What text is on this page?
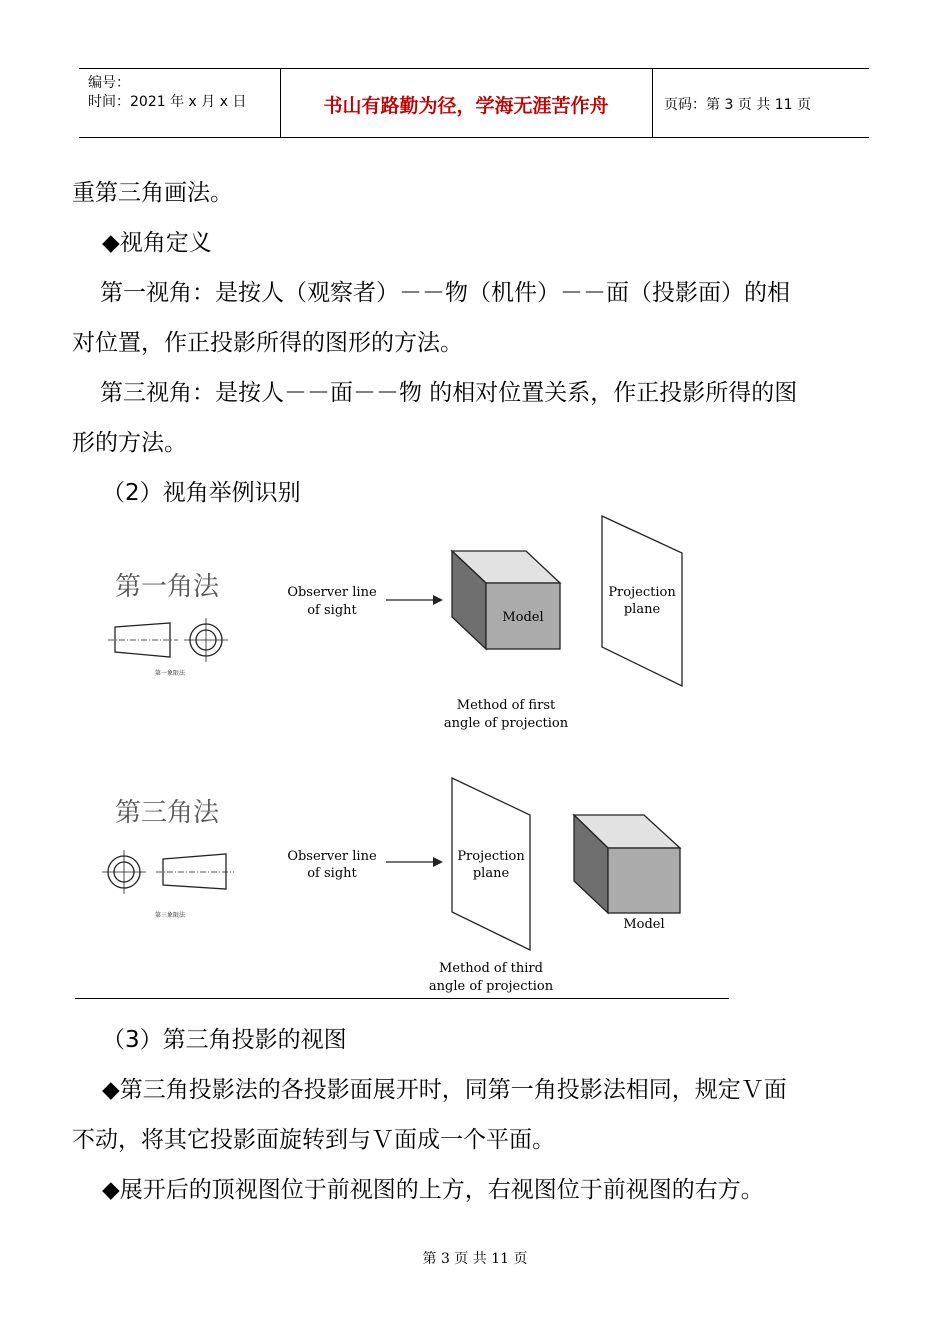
编号：
时间：2021 年 x 月 x 日	书山有路勤为径，学海无涯苦作舟	页码：第 3 页 共 11 页
重第三角画法。
◆视角定义
第一视角：是按人（观察者）－－物（机件）－－面（投影面）的相
对位置，作正投影所得的图形的方法。
第三视角：是按人－－面－－物 的相对位置关系，作正投影所得的图
形的方法。
（2）视角举例识别
第一角法
第一象限法
Observer line
of sight	Model
Projection
plane
Method of first
angle of projection
第三角法
第三象限法
Observer line
of sight
Projection
plane
Model
Method of third
angle of projection
（3）第三角投影的视图
◆第三角投影法的各投影面展开时，同第一角投影法相同，规定Ｖ面
不动，将其它投影面旋转到与Ｖ面成一个平面。
◆展开后的顶视图位于前视图的上方，右视图位于前视图的右方。
第 3 页 共 11 页
